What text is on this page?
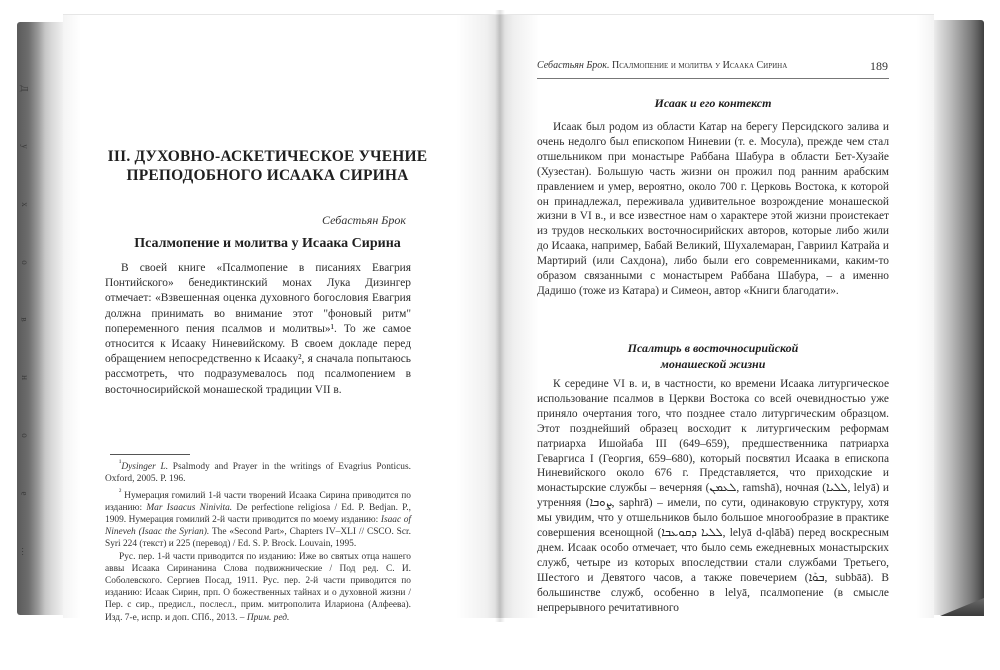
Д
у
х
о
в
н
о
е
…
III. ДУХОВНО-АСКЕТИЧЕСКОЕ УЧЕНИЕ ПРЕПОДОБНОГО ИСААКА СИРИНА
Себастьян Брок
Псалмопение и молитва у Исаака Сирина

В своей книге «Псалмопение в писаниях Евагрия Понтийского» бенедиктинский монах Лука Дизингер отмечает: «Взвешенная оценка духовного богословия Евагрия должна принимать во внимание этот "фоновый ритм" попеременного пения псалмов и молитвы»¹. То же самое относится к Исааку Ниневийскому. В своем докладе перед обращением непосредственно к Исааку², я сначала попытаюсь рассмотреть, что подразумевалось под псалмопением в восточносирийской монашеской традиции VII в.

$^{^1}$Dysinger L. Psalmody and Prayer in the writings of Evagrius Ponticus. Oxford, 2005. P. 196.

$^{^2}$ Нумерация гомилий 1-й части творений Исаака Сирина приводится по изданию: Mar Isaacus Ninivita. De perfectione religiosa / Ed. P. Bedjan. P., 1909. Нумерация гомилий 2-й части приводится по моему изданию: Isaac of Nineveh (Isaac the Syrian). The «Second Part», Chapters IV–XLI // CSCO. Scr. Syri 224 (текст) и 225 (перевод) / Ed. S. P. Brock. Louvain, 1995.

Рус. пер. 1-й части приводится по изданию: Иже во святых отца нашего аввы Исаака Сиринанина Слова подвижнические / Под ред. С. И. Соболевского. Сергиев Посад, 1911. Рус. пер. 2-й части приводится по изданию: Исаак Сирин, прп. О божественных тайнах и о духовной жизни / Пер. с сир., предисл., послесл., прим. митрополита Илариона (Алфеева). Изд. 7-е, испр. и доп. СПб., 2013. – Прим. ред.

Себастьян Брок. Псалмопение и молитва у Исаака Сирина	189
Исаак и его контекст

Исаак был родом из области Катар на берегу Персидского залива и очень недолго был епископом Ниневии (т. е. Мосула), прежде чем стал отшельником при монастыре Раббана Шабура в области Бет-Хузайе (Хузестан). Большую часть жизни он прожил под ранним арабским правлением и умер, вероятно, около 700 г. Церковь Востока, к которой он принадлежал, переживала удивительное возрождение монашеской жизни в VI в., и все известное нам о характере этой жизни проистекает из трудов нескольких восточносирийских авторов, которые либо жили до Исаака, например, Бабай Великий, Шухалемаран, Гавриил Катрайа и Мартирий (или Сахдона), либо были его современниками, каким-то образом связанными с монастырем Раббана Шабура, – а именно Дадишо (тоже из Катара) и Симеон, автор «Книги благодати».

Псалтирь в восточносирийской
монашеской жизни

К середине VI в. и, в частности, ко времени Исаака литургическое использование псалмов в Церкви Востока со всей очевидностью уже приняло очертания того, что позднее стало литургическим образцом. Этот позднейший образец восходит к литургическим реформам патриарха Ишойаба III (649–659), предшественника патриарха Геваргиса I (Георгия, 659–680), который посвятил Исаака в епископа Ниневийского около 676 г. Представляется, что приходские и монастырские службы – вечерняя (ܠܥܡܢ, ramshā), ночная (ܠܠܝܐ, lelyā) и утренняя (ܨܘܒܐ, saphrā) – имели, по сути, одинаковую структуру, хотя мы увидим, что у отшельников было большое многообразие в практике совершения всенощной (ܠܠܝܐ ܕܩܘܥܒܐ, lelyā d-qlābā) перед воскресным днем. Исаак особо отмечает, что было семь ежедневных монастырских служб, четыре из которых впоследствии стали службами Третьего, Шестого и Девятого часов, а также повечерием (ܒܘܰܐ, subbāā). В большинстве служб, особенно в lelyā, псалмопение (в смысле непрерывного речитативного
